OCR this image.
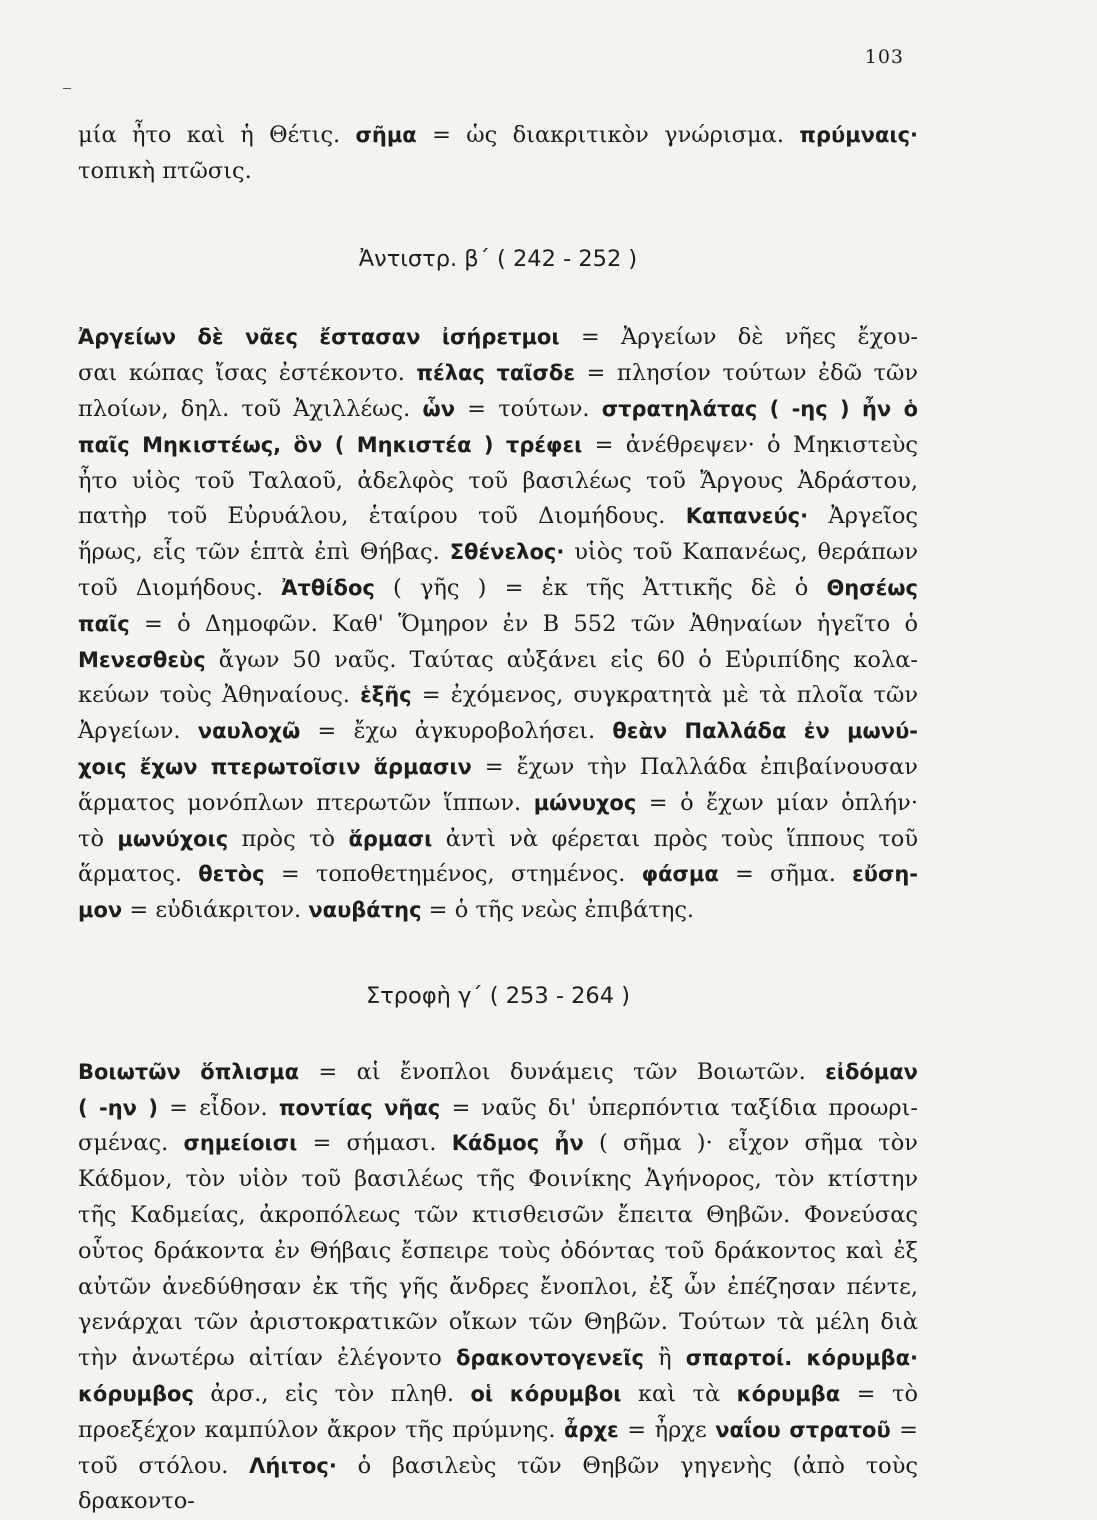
103
μία ἦτο καὶ ἡ Θέτις. σῆμα = ὡς διακριτικὸν γνώρισμα. πρύμναις·
τοπικὴ πτῶσις.

Ἀντιστρ. β΄ ( 242 - 252 )

Ἀργείων δὲ νᾶες ἔστασαν ἰσήρετμοι = Ἀργείων δὲ νῆες ἔχου-
σαι κώπας ἴσας ἐστέκοντο. πέλας ταῖσδε = πλησίον τούτων ἐδῶ τῶν
πλοίων, δηλ. τοῦ Ἀχιλλέως. ὧν = τούτων. στρατηλάτας ( -ης ) ἦν ὁ
παῖς Μηκιστέως, ὃν ( Μηκιστέα ) τρέφει = ἀνέθρεψεν· ὁ Μηκιστεὺς
ἦτο υἱὸς τοῦ Ταλαοῦ, ἀδελφὸς τοῦ βασιλέως τοῦ Ἄργους Ἀδράστου,
πατὴρ τοῦ Εὐρυάλου, ἑταίρου τοῦ Διομήδους. Καπανεύς· Ἀργεῖος
ἥρως, εἷς τῶν ἑπτὰ ἐπὶ Θήβας. Σθένελος· υἱὸς τοῦ Καπανέως, θεράπων
τοῦ Διομήδους. Ἀτθίδος ( γῆς ) = ἐκ τῆς Ἀττικῆς δὲ ὁ Θησέως
παῖς = ὁ Δημοφῶν. Καθ' Ὅμηρον ἐν Β 552 τῶν Ἀθηναίων ἡγεῖτο ὁ
Μενεσθεὺς ἄγων 50 ναῦς. Ταύτας αὐξάνει εἰς 60 ὁ Εὐριπίδης κολα-
κεύων τοὺς Ἀθηναίους. ἑξῆς = ἐχόμενος, συγκρατητὰ μὲ τὰ πλοῖα τῶν
Ἀργείων. ναυλοχῶ = ἔχω ἀγκυροβολήσει. θεὰν Παλλάδα ἐν μωνύ-
χοις ἔχων πτερωτοῖσιν ἅρμασιν = ἔχων τὴν Παλλάδα ἐπιβαίνουσαν
ἅρματος μονόπλων πτερωτῶν ἵππων. μώνυχος = ὁ ἔχων μίαν ὁπλήν·
τὸ μωνύχοις πρὸς τὸ ἅρμασι ἀντὶ νὰ φέρεται πρὸς τοὺς ἵππους τοῦ
ἅρματος. θετὸς = τοποθετημένος, στημένος. φάσμα = σῆμα. εὔση-
μον = εὐδιάκριτον. ναυβάτης = ὁ τῆς νεὼς ἐπιβάτης.

Στροφὴ γ΄ ( 253 - 264 )

Βοιωτῶν ὅπλισμα = αἱ ἔνοπλοι δυνάμεις τῶν Βοιωτῶν. εἰδόμαν
( -ην ) = εἶδον. ποντίας νῆας = ναῦς δι' ὑπερπόντια ταξίδια προωρι-
σμένας. σημείοισι = σήμασι. Κάδμος ἦν ( σῆμα )· εἶχον σῆμα τὸν
Κάδμον, τὸν υἱὸν τοῦ βασιλέως τῆς Φοινίκης Ἀγήνορος, τὸν κτίστην
τῆς Καδμείας, ἀκροπόλεως τῶν κτισθεισῶν ἔπειτα Θηβῶν. Φονεύσας
οὗτος δράκοντα ἐν Θήβαις ἔσπειρε τοὺς ὀδόντας τοῦ δράκοντος καὶ ἐξ
αὐτῶν ἀνεδύθησαν ἐκ τῆς γῆς ἄνδρες ἔνοπλοι, ἐξ ὧν ἐπέζησαν πέντε,
γενάρχαι τῶν ἀριστοκρατικῶν οἴκων τῶν Θηβῶν. Τούτων τὰ μέλη διὰ
τὴν ἀνωτέρω αἰτίαν ἐλέγοντο δρακοντογενεῖς ἢ σπαρτοί. κόρυμβα·
κόρυμβος ἀρσ., εἰς τὸν πληθ. οἱ κόρυμβοι καὶ τὰ κόρυμβα = τὸ
προεξέχον καμπύλον ἄκρον τῆς πρύμνης. ἆρχε = ἦρχε ναΐου στρατοῦ =
τοῦ στόλου. Λήιτος· ὁ βασιλεὺς τῶν Θηβῶν γηγενὴς (ἀπὸ τοὺς δρακοντο-
